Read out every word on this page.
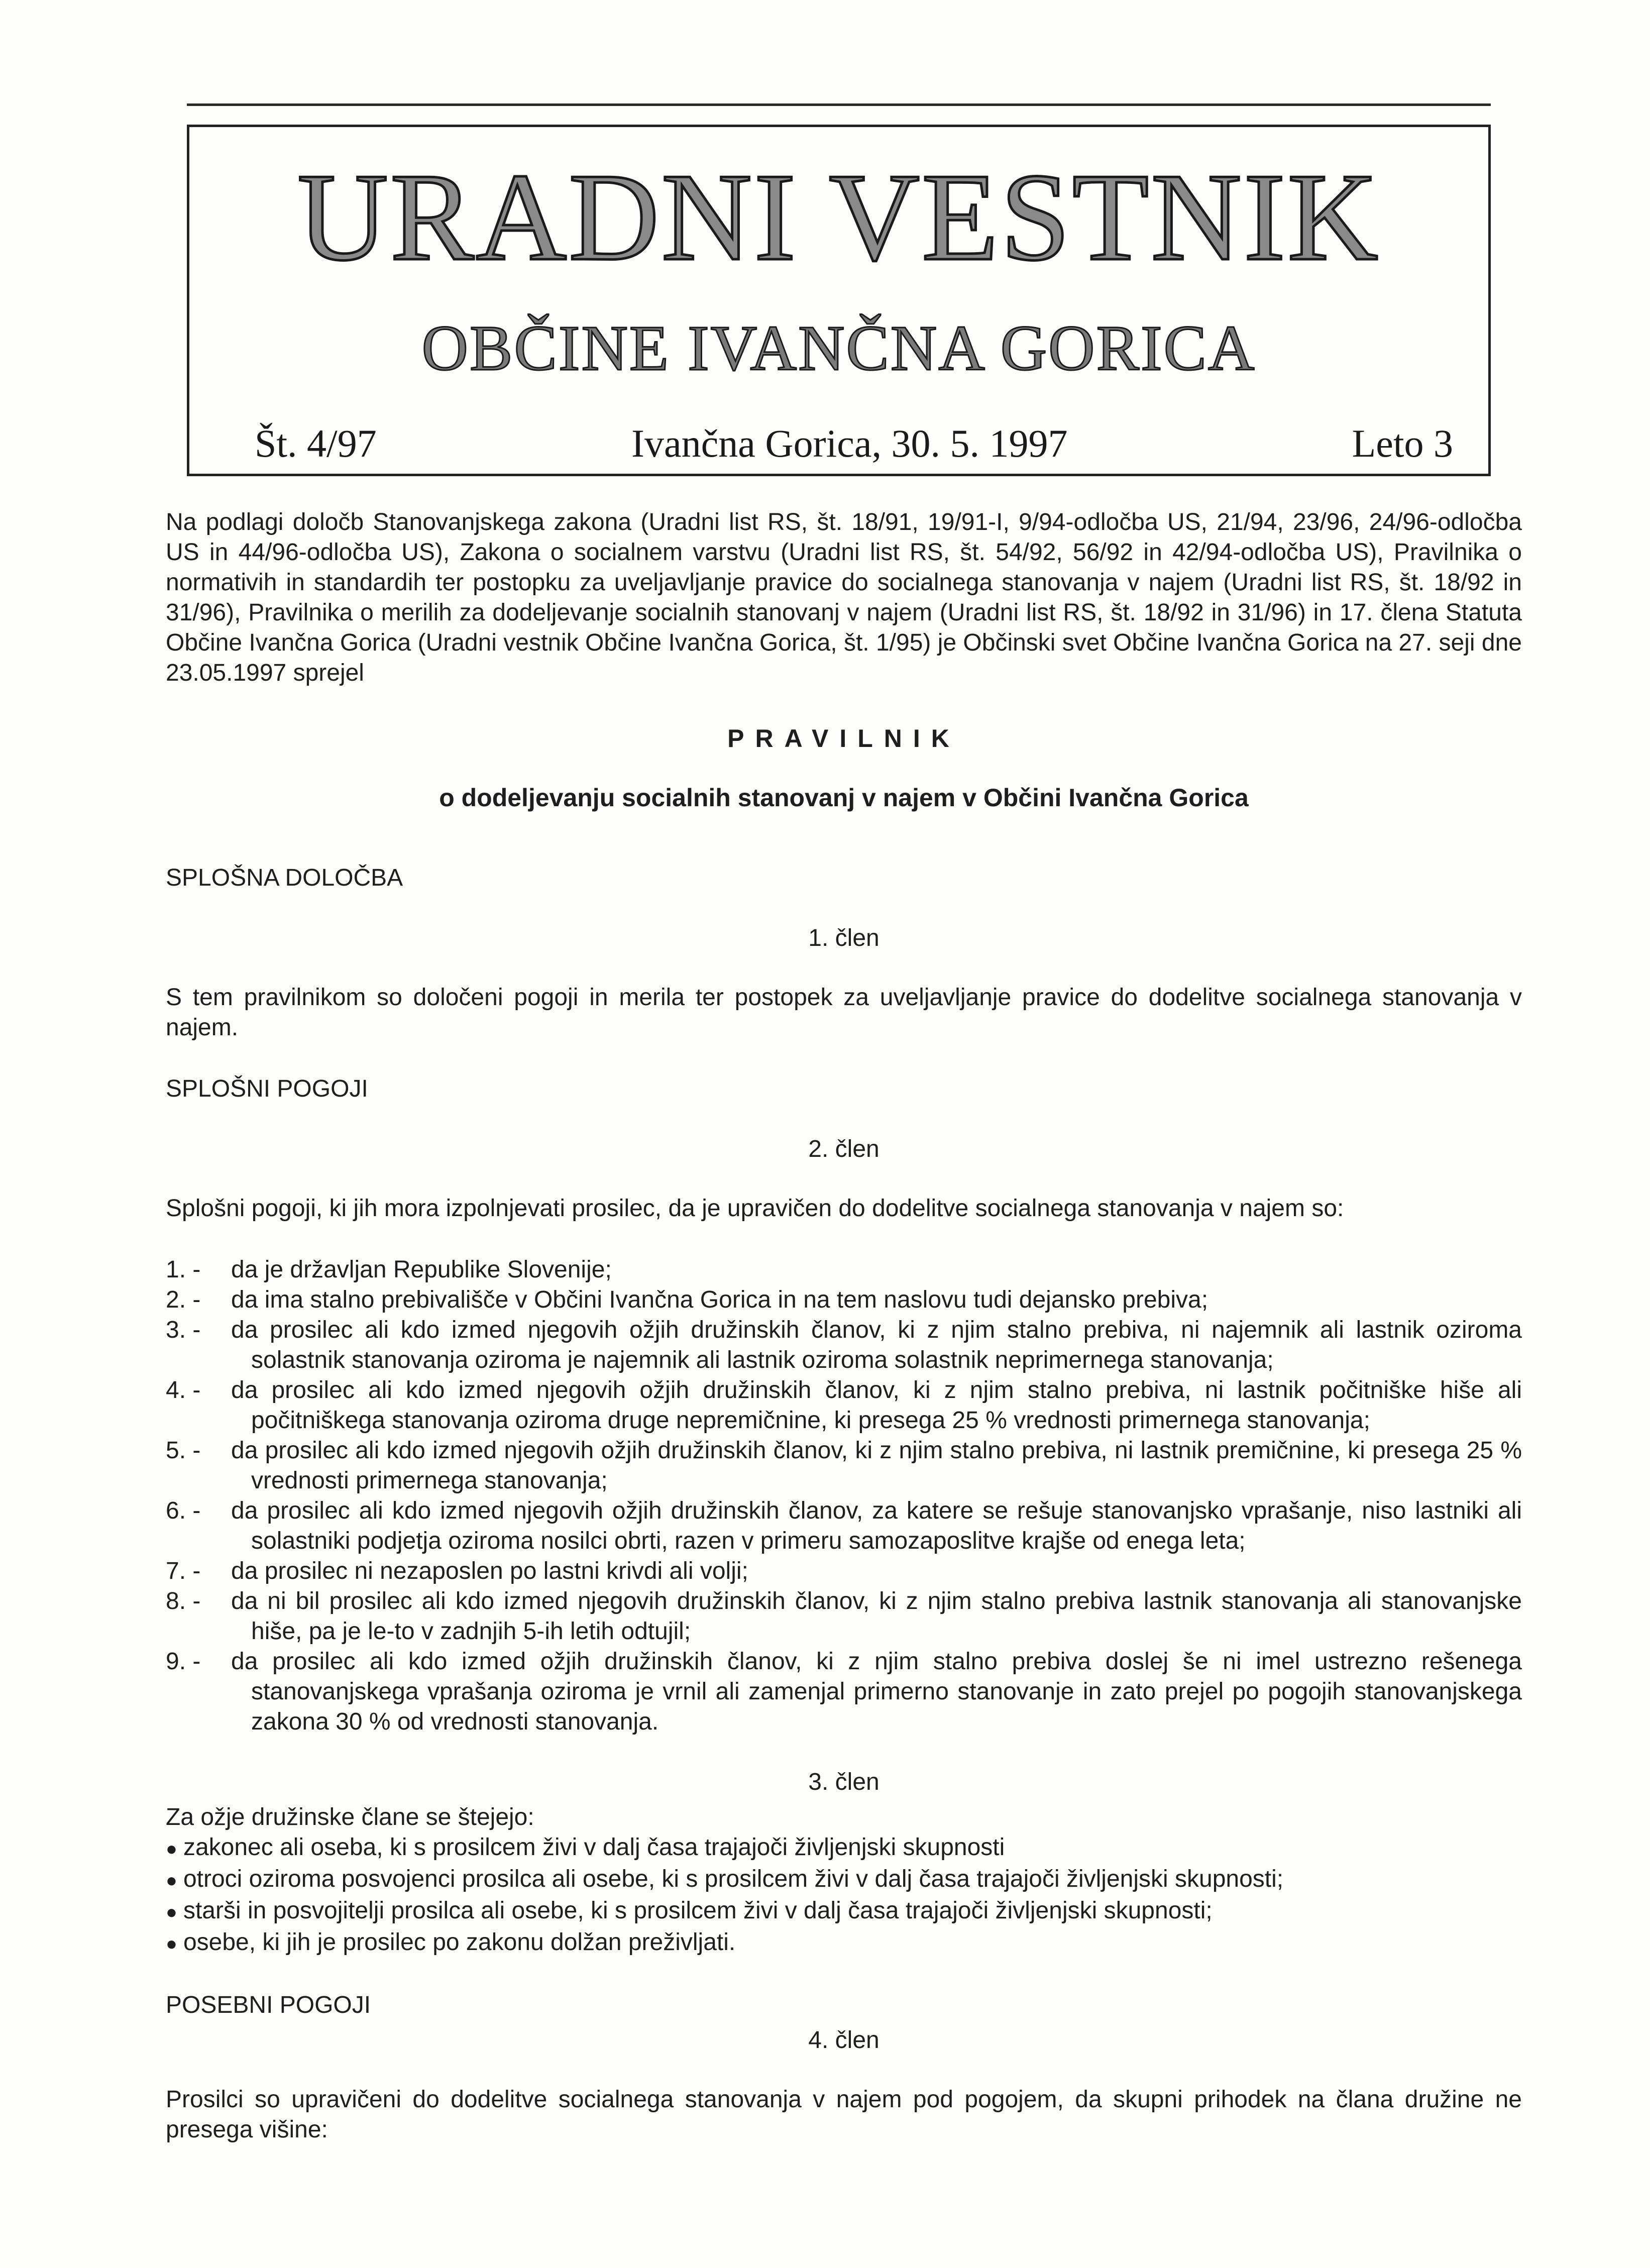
URADNI VESTNIK
OBČINE IVANČNA GORICA
Št. 4/97	Ivančna Gorica, 30. 5. 1997	Leto 3

Na podlagi določb Stanovanjskega zakona (Uradni list RS, št. 18/91, 19/91-I, 9/94-odločba US, 21/94, 23/96, 24/96-odločba US in 44/96-odločba US), Zakona o socialnem varstvu (Uradni list RS, št. 54/92, 56/92 in 42/94-odločba US), Pravilnika o normativih in standardih ter postopku za uveljavljanje pravice do socialnega stanovanja v najem (Uradni list RS, št. 18/92 in 31/96), Pravilnika o merilih za dodeljevanje socialnih stanovanj v najem (Uradni list RS, št. 18/92 in 31/96) in 17. člena Statuta Občine Ivančna Gorica (Uradni vestnik Občine Ivančna Gorica, št. 1/95) je Občinski svet Občine Ivančna Gorica na 27. seji dne 23.05.1997 sprejel

PRAVILNIK
o dodeljevanju socialnih stanovanj v najem v Občini Ivančna Gorica
SPLOŠNA DOLOČBA
1. člen

S tem pravilnikom so določeni pogoji in merila ter postopek za uveljavljanje pravice do dodelitve socialnega stanovanja v najem.

SPLOŠNI POGOJI
2. člen

Splošni pogoji, ki jih mora izpolnjevati prosilec, da je upravičen do dodelitve socialnega stanovanja v najem so:

1. - da je državljan Republike Slovenije;
2. - da ima stalno prebivališče v Občini Ivančna Gorica in na tem naslovu tudi dejansko prebiva;
3. - da prosilec ali kdo izmed njegovih ožjih družinskih članov, ki z njim stalno prebiva, ni najemnik ali lastnik oziroma solastnik stanovanja oziroma je najemnik ali lastnik oziroma solastnik neprimernega stanovanja;
4. - da prosilec ali kdo izmed njegovih ožjih družinskih članov, ki z njim stalno prebiva, ni lastnik počitniške hiše ali počitniškega stanovanja oziroma druge nepremičnine, ki presega 25 % vrednosti primernega stanovanja;
5. - da prosilec ali kdo izmed njegovih ožjih družinskih članov, ki z njim stalno prebiva, ni lastnik premičnine, ki presega 25 % vrednosti primernega stanovanja;
6. - da prosilec ali kdo izmed njegovih ožjih družinskih članov, za katere se rešuje stanovanjsko vprašanje, niso lastniki ali solastniki podjetja oziroma nosilci obrti, razen v primeru samozaposlitve krajše od enega leta;
7. - da prosilec ni nezaposlen po lastni krivdi ali volji;
8. - da ni bil prosilec ali kdo izmed njegovih družinskih članov, ki z njim stalno prebiva lastnik stanovanja ali stanovanjske hiše, pa je le-to v zadnjih 5-ih letih odtujil;
9. - da prosilec ali kdo izmed ožjih družinskih članov, ki z njim stalno prebiva doslej še ni imel ustrezno rešenega stanovanjskega vprašanja oziroma je vrnil ali zamenjal primerno stanovanje in zato prejel po pogojih stanovanjskega zakona 30 % od vrednosti stanovanja.
3. člen

Za ožje družinske člane se štejejo:

● zakonec ali oseba, ki s prosilcem živi v dalj časa trajajoči življenjski skupnosti
● otroci oziroma posvojenci prosilca ali osebe, ki s prosilcem živi v dalj časa trajajoči življenjski skupnosti;
● starši in posvojitelji prosilca ali osebe, ki s prosilcem živi v dalj časa trajajoči življenjski skupnosti;
● osebe, ki jih je prosilec po zakonu dolžan preživljati.
POSEBNI POGOJI
4. člen

Prosilci so upravičeni do dodelitve socialnega stanovanja v najem pod pogojem, da skupni prihodek na člana družine ne presega višine:
